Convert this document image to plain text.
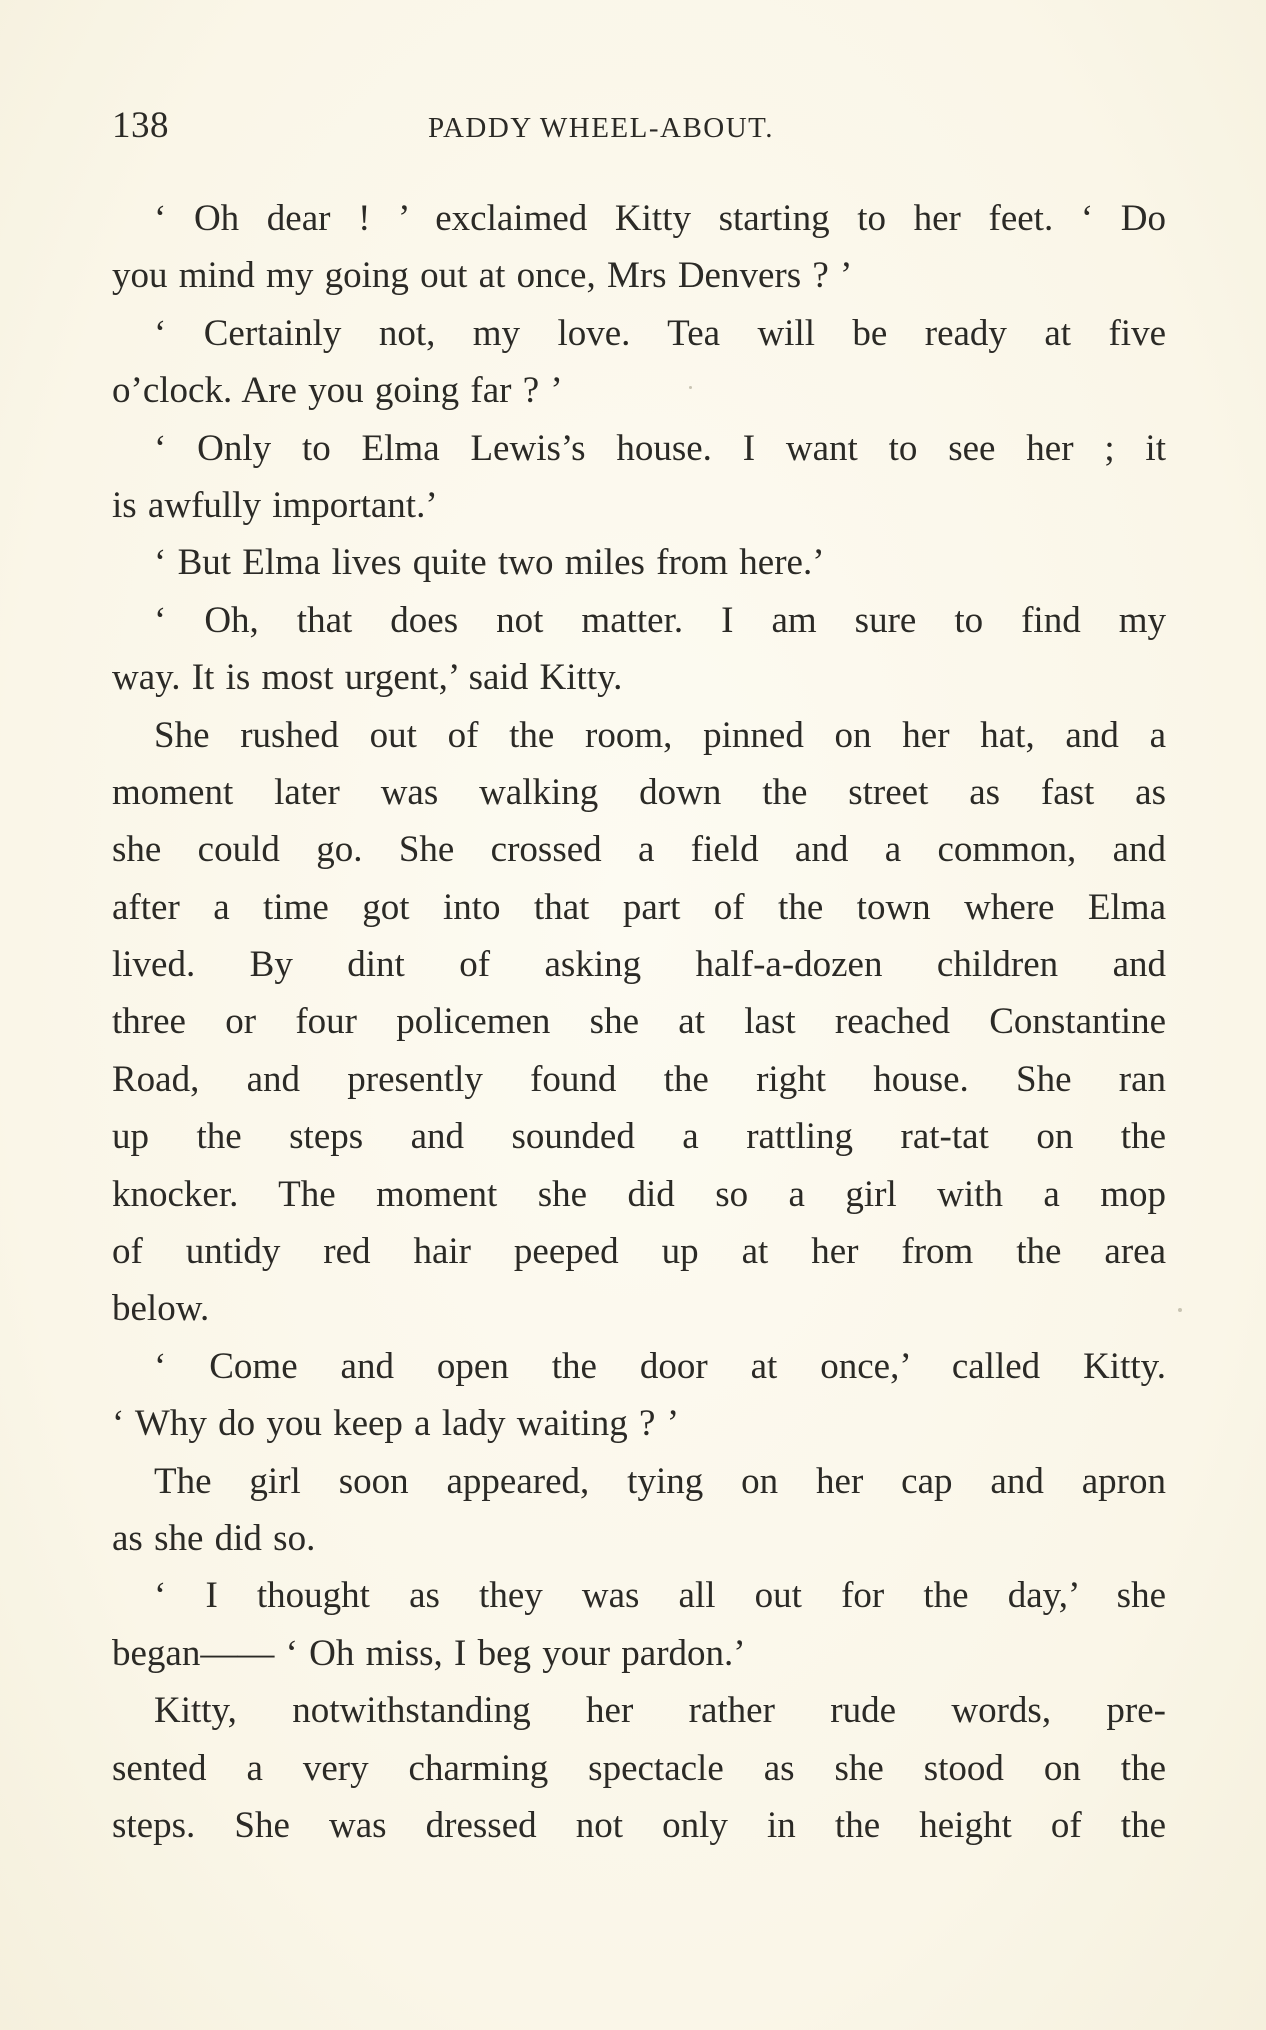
138	PADDY WHEEL-ABOUT.
‘ Oh dear ! ’ exclaimed Kitty starting to her feet. ‘ Do
you mind my going out at once, Mrs Denvers ? ’
‘ Certainly not, my love. Tea will be ready at five
o’clock. Are you going far ? ’
‘ Only to Elma Lewis’s house. I want to see her ; it
is awfully important.’
‘ But Elma lives quite two miles from here.’
‘ Oh, that does not matter. I am sure to find my
way. It is most urgent,’ said Kitty.
She rushed out of the room, pinned on her hat, and a
moment later was walking down the street as fast as
she could go. She crossed a field and a common, and
after a time got into that part of the town where Elma
lived. By dint of asking half-a-dozen children and
three or four policemen she at last reached Constantine
Road, and presently found the right house. She ran
up the steps and sounded a rattling rat-tat on the
knocker. The moment she did so a girl with a mop
of untidy red hair peeped up at her from the area
below.
‘ Come and open the door at once,’ called Kitty.
‘ Why do you keep a lady waiting ? ’
The girl soon appeared, tying on her cap and apron
as she did so.
‘ I thought as they was all out for the day,’ she
began—— ‘ Oh miss, I beg your pardon.’
Kitty, notwithstanding her rather rude words, pre-
sented a very charming spectacle as she stood on the
steps. She was dressed not only in the height of the
